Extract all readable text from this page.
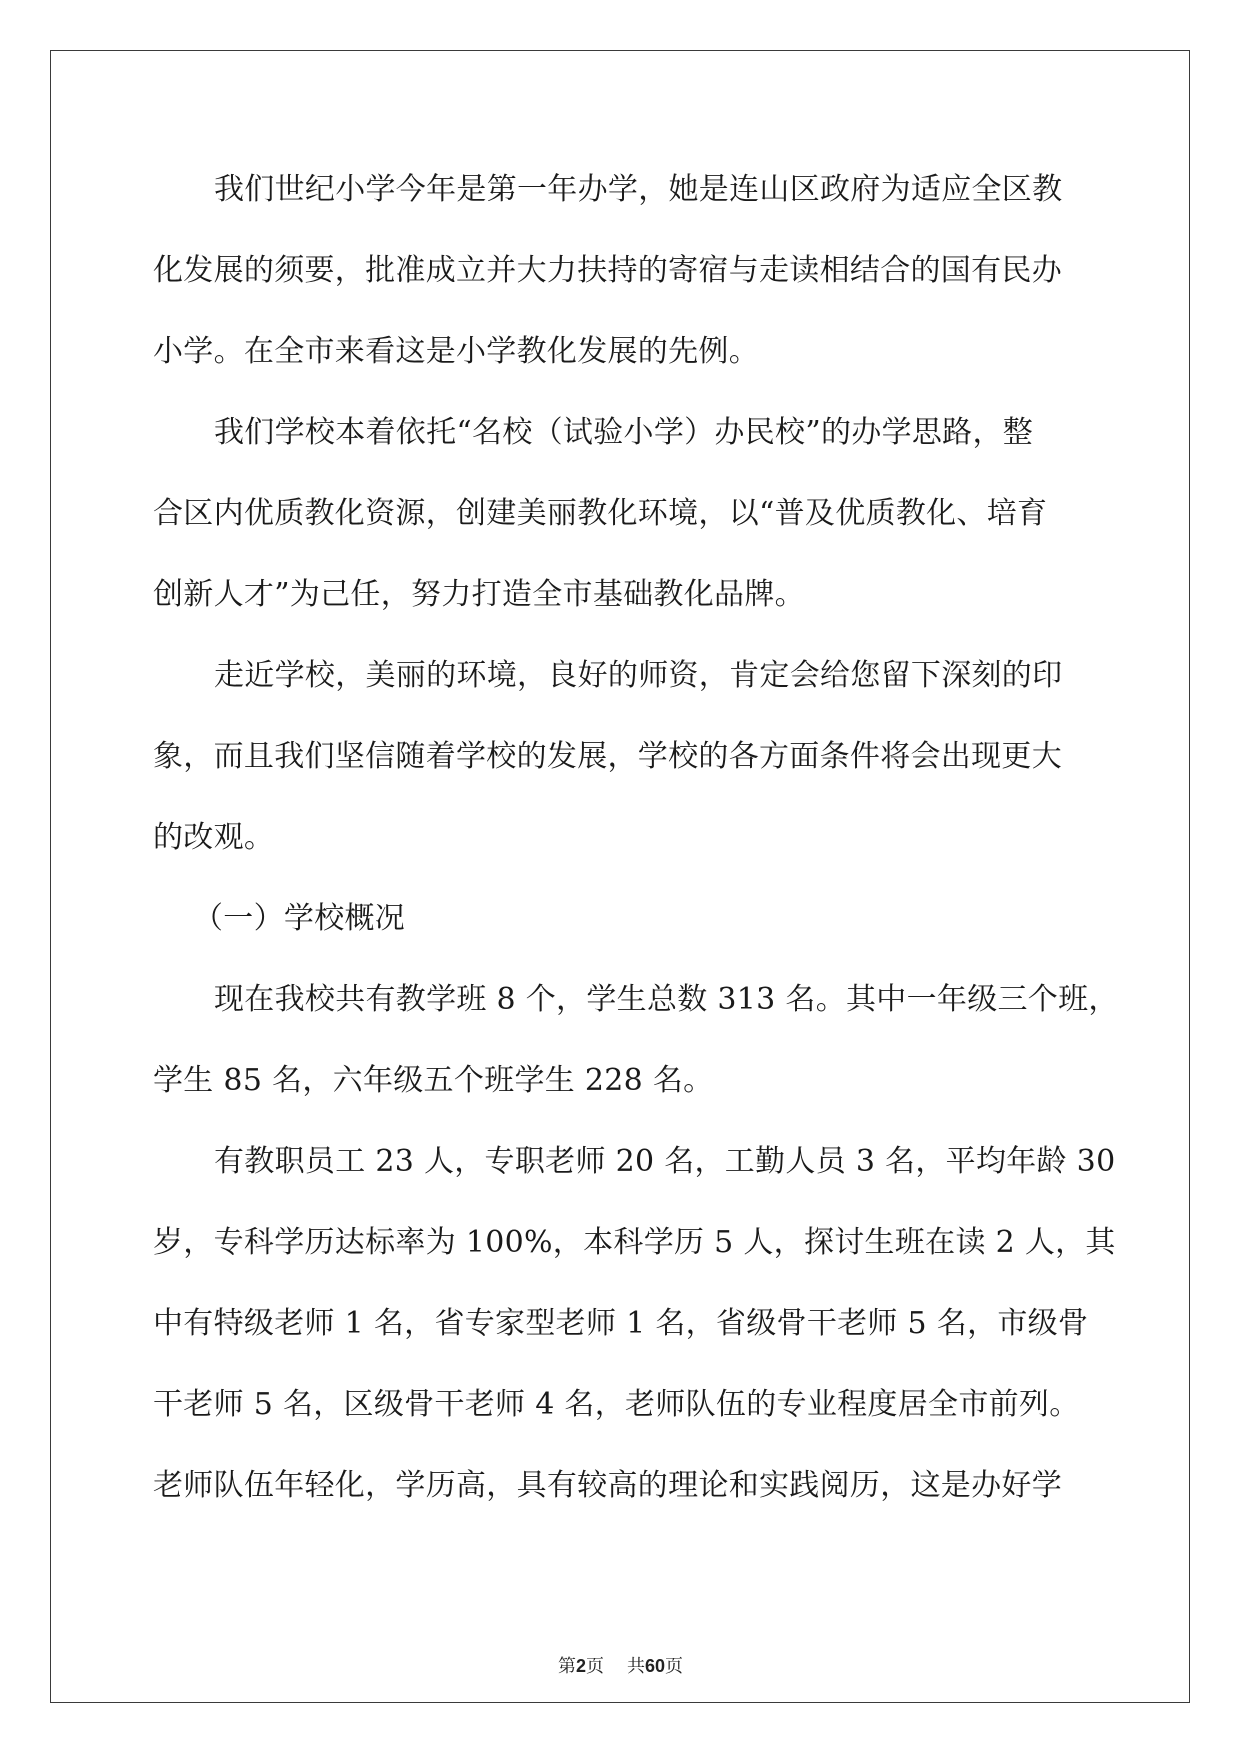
我们世纪小学今年是第一年办学，她是连山区政府为适应全区教
化发展的须要，批准成立并大力扶持的寄宿与走读相结合的国有民办
小学。在全市来看这是小学教化发展的先例。
我们学校本着依托“名校（试验小学）办民校”的办学思路，整
合区内优质教化资源，创建美丽教化环境，以“普及优质教化、培育
创新人才”为己任，努力打造全市基础教化品牌。
走近学校，美丽的环境，良好的师资，肯定会给您留下深刻的印
象，而且我们坚信随着学校的发展，学校的各方面条件将会出现更大
的改观。
（一）学校概况
现在我校共有教学班 8 个，学生总数 313 名。其中一年级三个班，
学生 85 名，六年级五个班学生 228 名。
有教职员工 23 人，专职老师 20 名，工勤人员 3 名，平均年龄 30
岁，专科学历达标率为 100%，本科学历 5 人，探讨生班在读 2 人，其
中有特级老师 1 名，省专家型老师 1 名，省级骨干老师 5 名，市级骨
干老师 5 名，区级骨干老师 4 名，老师队伍的专业程度居全市前列。
老师队伍年轻化，学历高，具有较高的理论和实践阅历，这是办好学
第2页 共60页
